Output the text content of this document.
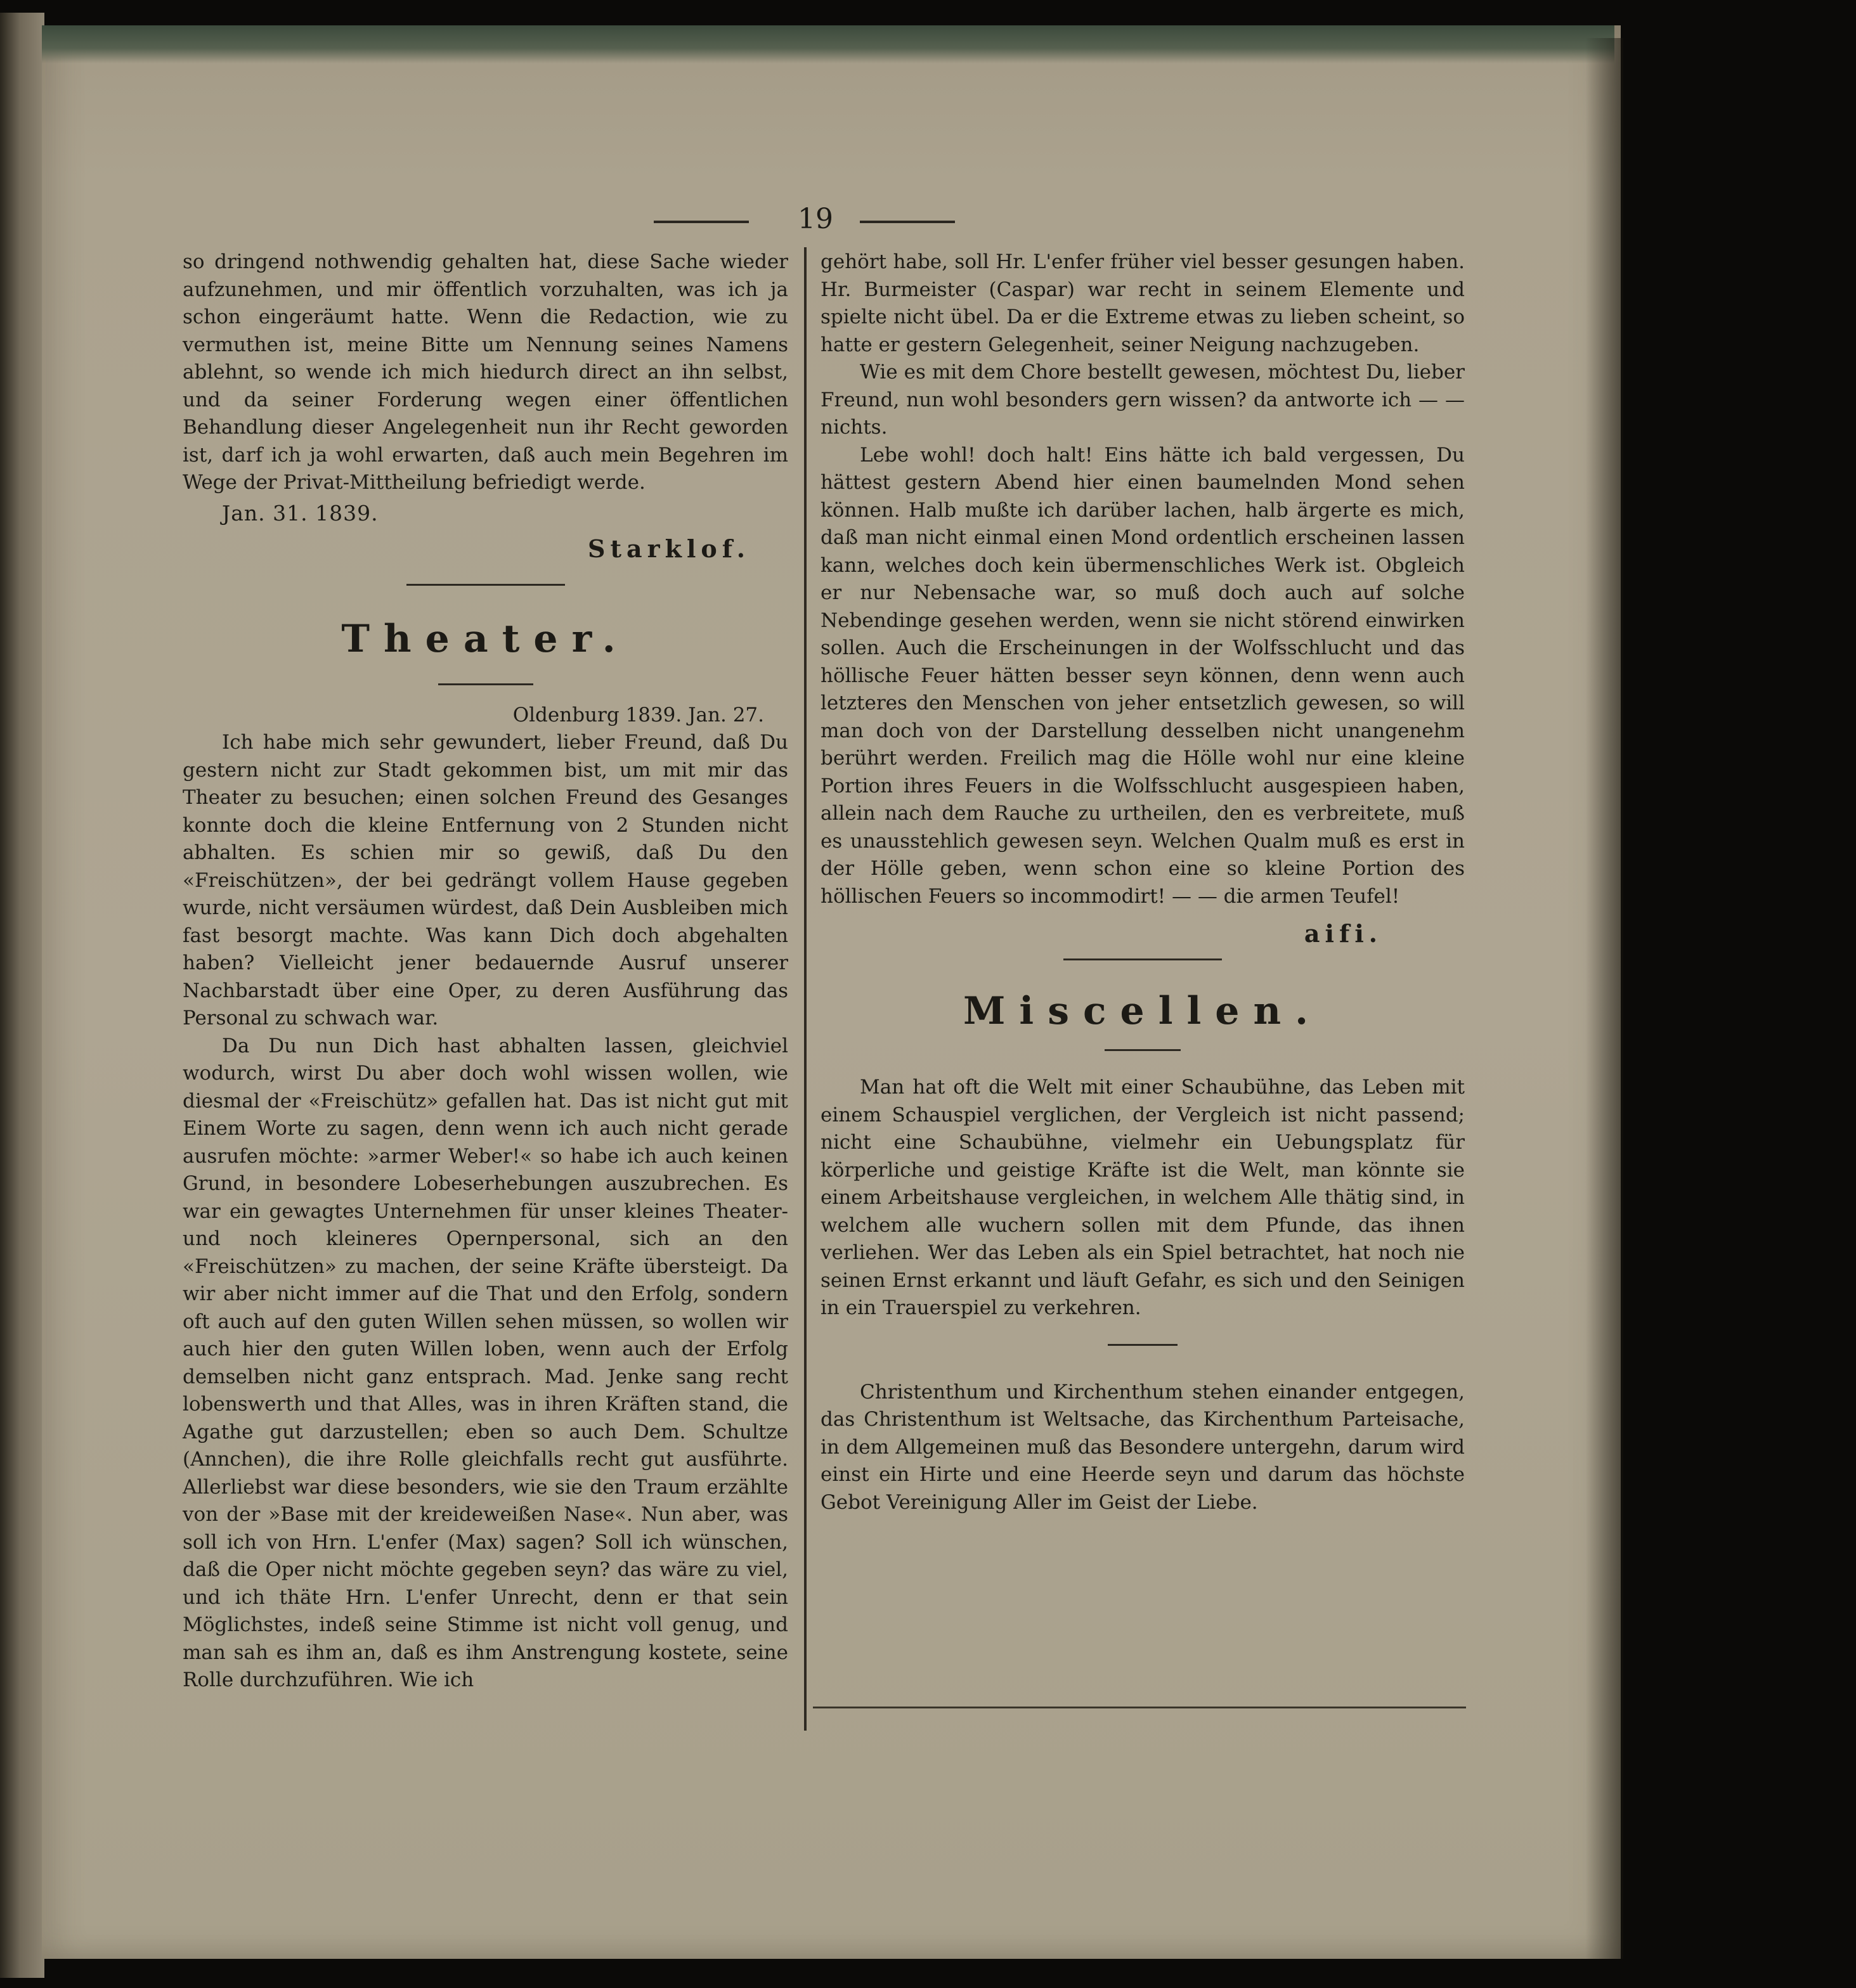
19

so dringend nothwendig gehalten hat, diese Sache wieder aufzunehmen, und mir öffentlich vorzuhalten, was ich ja schon eingeräumt hatte. Wenn die Redaction, wie zu vermuthen ist, meine Bitte um Nennung seines Namens ablehnt, so wende ich mich hiedurch direct an ihn selbst, und da seiner Forderung wegen einer öffentlichen Behandlung dieser Angelegenheit nun ihr Recht geworden ist, darf ich ja wohl erwarten, daß auch mein Begehren im Wege der Privat-Mittheilung befriedigt werde.

Jan. 31. 1839.
Starklof.
Theater.
Oldenburg 1839. Jan. 27.

Ich habe mich sehr gewundert, lieber Freund, daß Du gestern nicht zur Stadt gekommen bist, um mit mir das Theater zu besuchen; einen solchen Freund des Gesanges konnte doch die kleine Entfernung von 2 Stunden nicht abhalten. Es schien mir so gewiß, daß Du den «Freischützen», der bei gedrängt vollem Hause gegeben wurde, nicht versäumen würdest, daß Dein Ausbleiben mich fast besorgt machte. Was kann Dich doch abgehalten haben? Vielleicht jener bedauernde Ausruf unserer Nachbarstadt über eine Oper, zu deren Ausführung das Personal zu schwach war.

Da Du nun Dich hast abhalten lassen, gleichviel wodurch, wirst Du aber doch wohl wissen wollen, wie diesmal der «Freischütz» gefallen hat. Das ist nicht gut mit Einem Worte zu sagen, denn wenn ich auch nicht gerade ausrufen möchte: »armer Weber!« so habe ich auch keinen Grund, in besondere Lobeserhebungen auszubrechen. Es war ein gewagtes Unternehmen für unser kleines Theater- und noch kleineres Opernpersonal, sich an den «Freischützen» zu machen, der seine Kräfte übersteigt. Da wir aber nicht immer auf die That und den Erfolg, sondern oft auch auf den guten Willen sehen müssen, so wollen wir auch hier den guten Willen loben, wenn auch der Erfolg demselben nicht ganz entsprach. Mad. Jenke sang recht lobenswerth und that Alles, was in ihren Kräften stand, die Agathe gut darzustellen; eben so auch Dem. Schultze (Annchen), die ihre Rolle gleichfalls recht gut ausführte. Allerliebst war diese besonders, wie sie den Traum erzählte von der »Base mit der kreideweißen Nase«. Nun aber, was soll ich von Hrn. L'enfer (Max) sagen? Soll ich wünschen, daß die Oper nicht möchte gegeben seyn? das wäre zu viel, und ich thäte Hrn. L'enfer Unrecht, denn er that sein Möglichstes, indeß seine Stimme ist nicht voll genug, und man sah es ihm an, daß es ihm Anstrengung kostete, seine Rolle durchzuführen. Wie ich

gehört habe, soll Hr. L'enfer früher viel besser gesungen haben. Hr. Burmeister (Caspar) war recht in seinem Elemente und spielte nicht übel. Da er die Extreme etwas zu lieben scheint, so hatte er gestern Gelegenheit, seiner Neigung nachzugeben.

Wie es mit dem Chore bestellt gewesen, möchtest Du, lieber Freund, nun wohl besonders gern wissen? da antworte ich — — nichts.

Lebe wohl! doch halt! Eins hätte ich bald vergessen, Du hättest gestern Abend hier einen baumelnden Mond sehen können. Halb mußte ich darüber lachen, halb ärgerte es mich, daß man nicht einmal einen Mond ordentlich erscheinen lassen kann, welches doch kein übermenschliches Werk ist. Obgleich er nur Nebensache war, so muß doch auch auf solche Nebendinge gesehen werden, wenn sie nicht störend einwirken sollen. Auch die Erscheinungen in der Wolfsschlucht und das höllische Feuer hätten besser seyn können, denn wenn auch letzteres den Menschen von jeher entsetzlich gewesen, so will man doch von der Darstellung desselben nicht unangenehm berührt werden. Freilich mag die Hölle wohl nur eine kleine Portion ihres Feuers in die Wolfsschlucht ausgespieen haben, allein nach dem Rauche zu urtheilen, den es verbreitete, muß es unausstehlich gewesen seyn. Welchen Qualm muß es erst in der Hölle geben, wenn schon eine so kleine Portion des höllischen Feuers so incommodirt! — — die armen Teufel!

aifi.
Miscellen.

Man hat oft die Welt mit einer Schaubühne, das Leben mit einem Schauspiel verglichen, der Vergleich ist nicht passend; nicht eine Schaubühne, vielmehr ein Uebungsplatz für körperliche und geistige Kräfte ist die Welt, man könnte sie einem Arbeitshause vergleichen, in welchem Alle thätig sind, in welchem alle wuchern sollen mit dem Pfunde, das ihnen verliehen. Wer das Leben als ein Spiel betrachtet, hat noch nie seinen Ernst erkannt und läuft Gefahr, es sich und den Seinigen in ein Trauerspiel zu verkehren.

Christenthum und Kirchenthum stehen einander entgegen, das Christenthum ist Weltsache, das Kirchenthum Parteisache, in dem Allgemeinen muß das Besondere untergehn, darum wird einst ein Hirte und eine Heerde seyn und darum das höchste Gebot Vereinigung Aller im Geist der Liebe.
